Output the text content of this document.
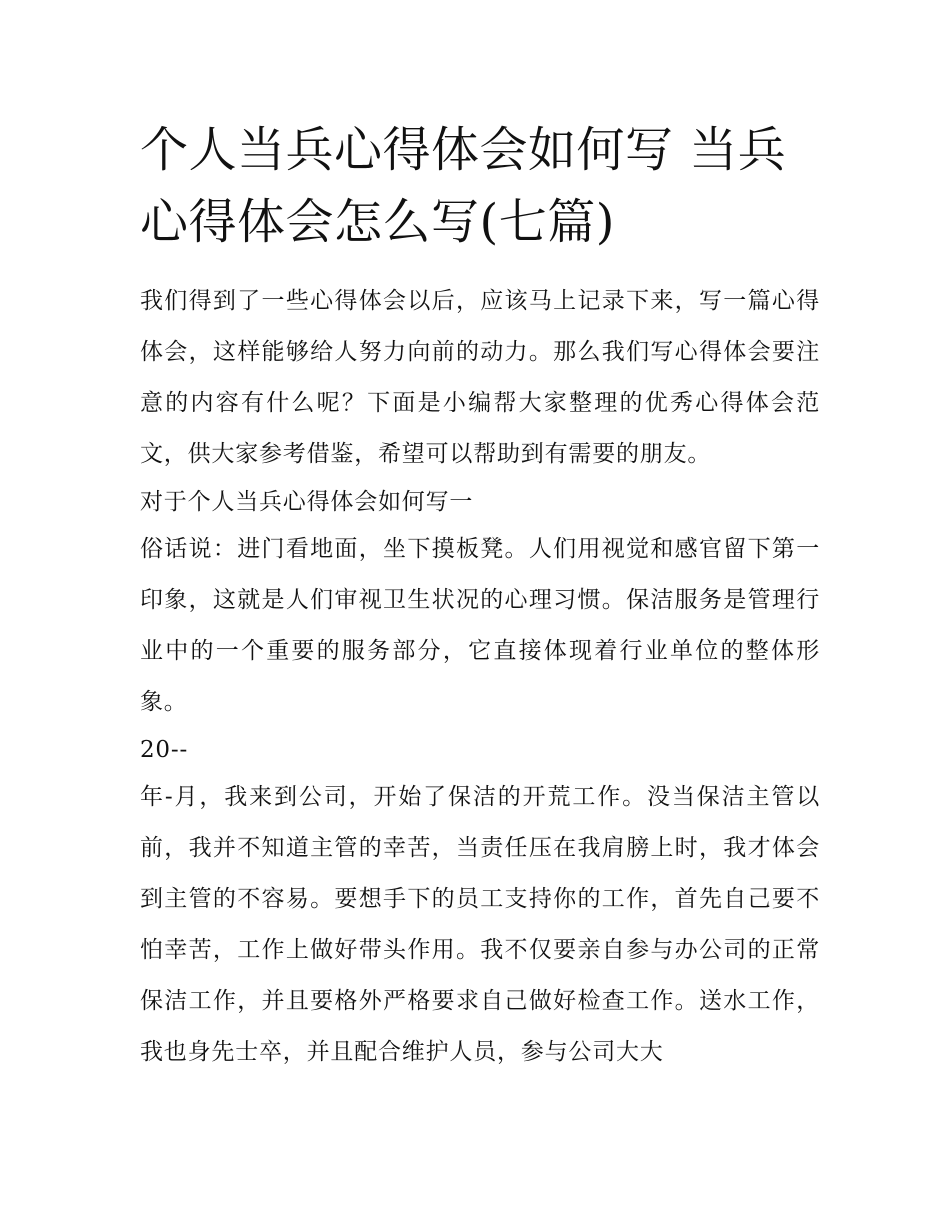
个人当兵心得体会如何写 当兵心得体会怎么写(七篇)

我们得到了一些心得体会以后，应该马上记录下来，写一篇心得体会，这样能够给人努力向前的动力。那么我们写心得体会要注意的内容有什么呢？下面是小编帮大家整理的优秀心得体会范文，供大家参考借鉴，希望可以帮助到有需要的朋友。

对于个人当兵心得体会如何写一

俗话说：进门看地面，坐下摸板凳。人们用视觉和感官留下第一印象，这就是人们审视卫生状况的心理习惯。保洁服务是管理行业中的一个重要的服务部分，它直接体现着行业单位的整体形象。

20--

年-月，我来到公司，开始了保洁的开荒工作。没当保洁主管以前，我并不知道主管的幸苦，当责任压在我肩膀上时，我才体会到主管的不容易。要想手下的员工支持你的工作，首先自己要不怕幸苦，工作上做好带头作用。我不仅要亲自参与办公司的正常保洁工作，并且要格外严格要求自己做好检查工作。送水工作，我也身先士卒，并且配合维护人员，参与公司大大
